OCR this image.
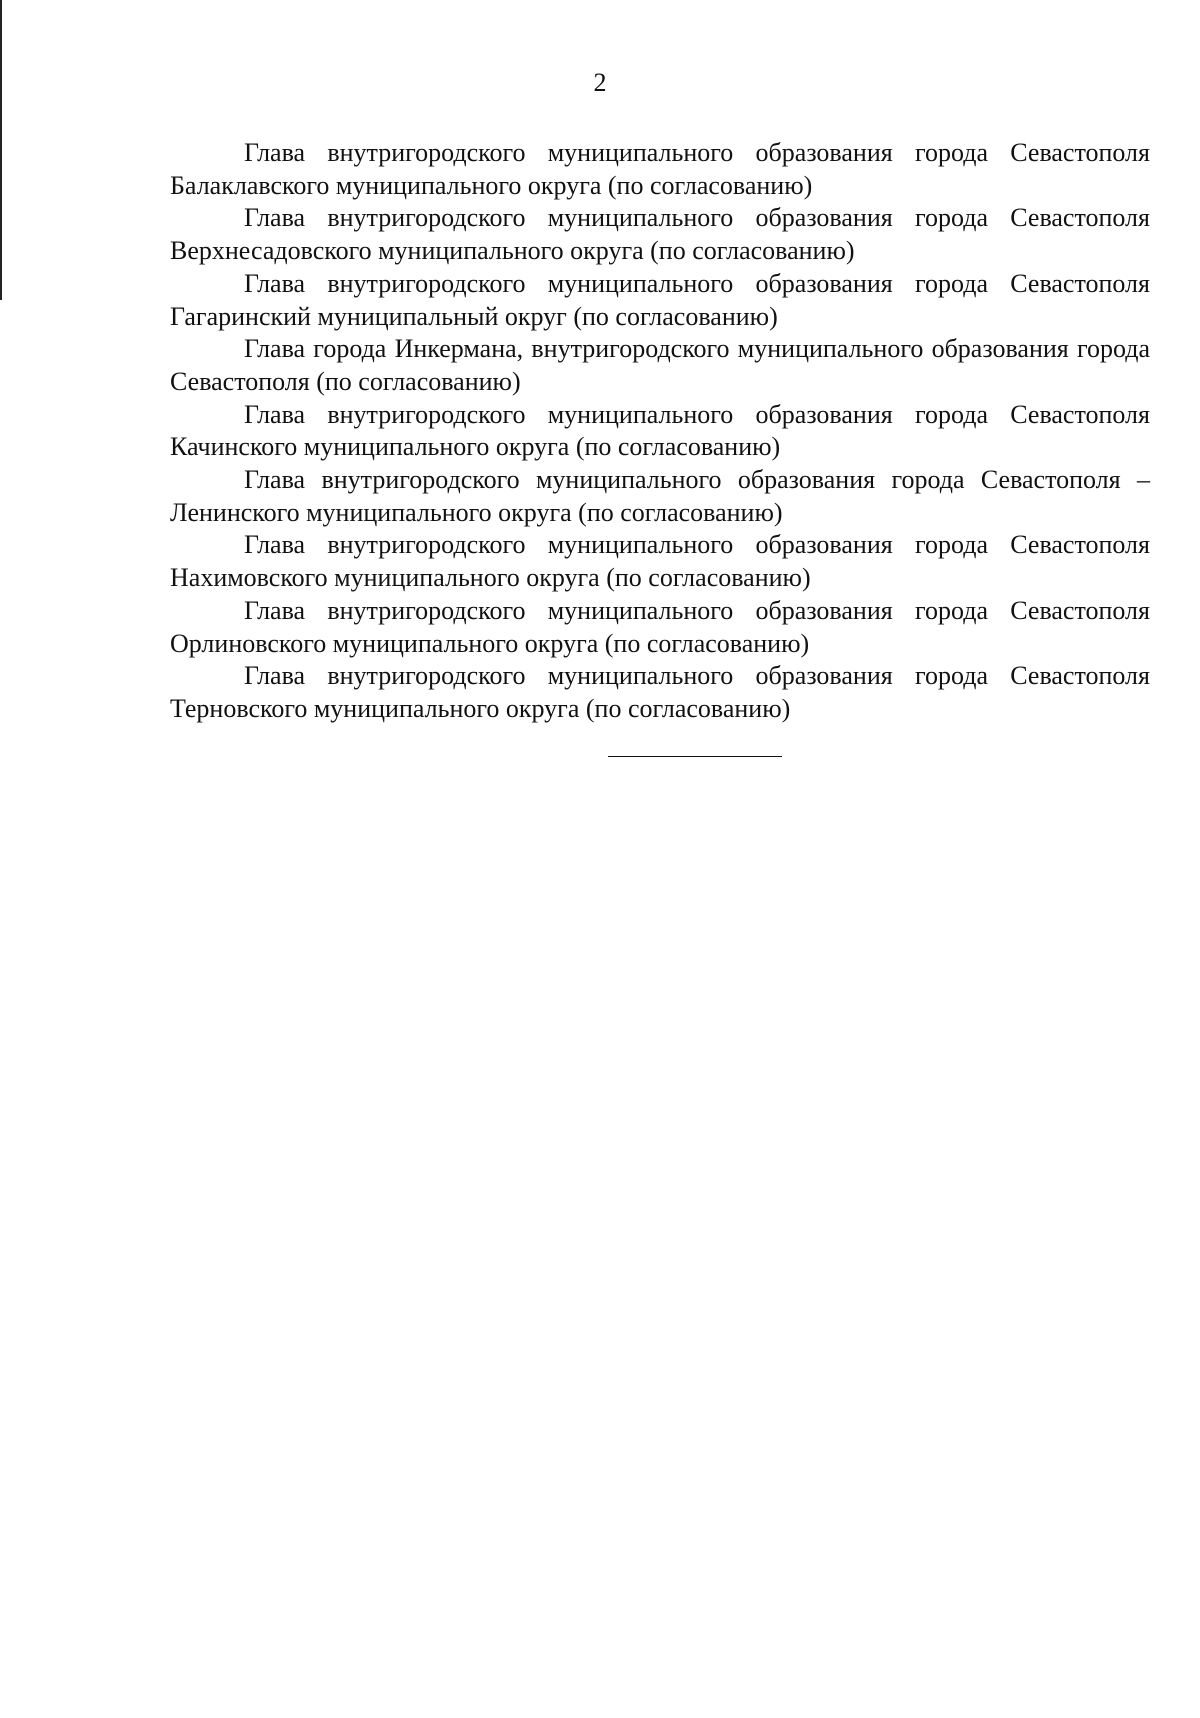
2

Глава внутригородского муниципального образования города Севастополя Балаклавского муниципального округа (по согласованию)

Глава внутригородского муниципального образования города Севастополя Верхнесадовского муниципального округа (по согласованию)

Глава внутригородского муниципального образования города Севастополя Гагаринский муниципальный округ (по согласованию)

Глава города Инкермана, внутригородского муниципального образования города Севастополя (по согласованию)

Глава внутригородского муниципального образования города Севастополя Качинского муниципального округа (по согласованию)

Глава внутригородского муниципального образования города Севастополя – Ленинского муниципального округа (по согласованию)

Глава внутригородского муниципального образования города Севастополя Нахимовского муниципального округа (по согласованию)

Глава внутригородского муниципального образования города Севастополя Орлиновского муниципального округа (по согласованию)

Глава внутригородского муниципального образования города Севастополя Терновского муниципального округа (по согласованию)
